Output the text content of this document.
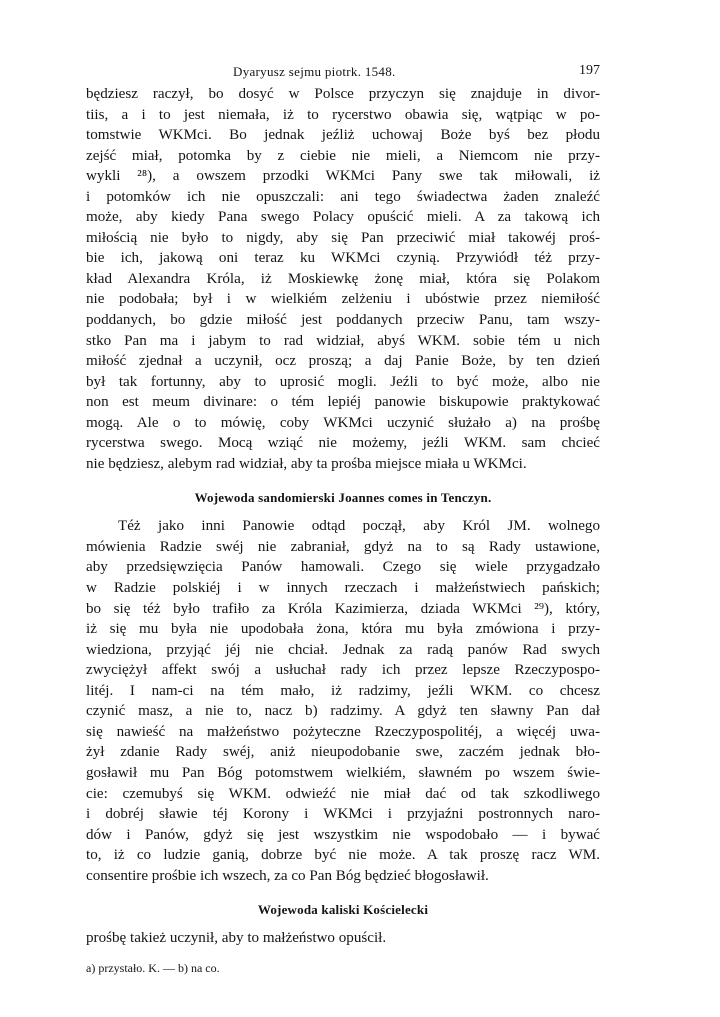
Dyaryusz sejmu piotrk. 1548.	197
będziesz raczył, bo dosyć w Polsce przyczyn się znajduje in divor-
tiis, a i to jest niemała, iż to rycerstwo obawia się, wątpiąc w po-
tomstwie WKMci. Bo jednak jeźliż uchowaj Boże byś bez płodu
zejść miał, potomka by z ciebie nie mieli, a Niemcom nie przy-
wykli ²⁸), a owszem przodki WKMci Pany swe tak miłowali, iż
i potomków ich nie opuszczali: ani tego świadectwa żaden znaleźć
może, aby kiedy Pana swego Polacy opuścić mieli. A za takową ich
miłością nie było to nigdy, aby się Pan przeciwić miał takowéj proś-
bie ich, jakową oni teraz ku WKMci czynią. Przywiódł téż przy-
kład Alexandra Króla, iż Moskiewkę żonę miał, która się Polakom
nie podobała; był i w wielkiém zelżeniu i ubóstwie przez niemiłość
poddanych, bo gdzie miłość jest poddanych przeciw Panu, tam wszy-
stko Pan ma i jabym to rad widział, abyś WKM. sobie tém u nich
miłość zjednał a uczynił, ocz proszą; a daj Panie Boże, by ten dzień
był tak fortunny, aby to uprosić mogli. Jeźli to być może, albo nie
non est meum divinare: o tém lepiéj panowie biskupowie praktykować
mogą. Ale o to mówię, coby WKMci uczynić służało a) na prośbę
rycerstwa swego. Mocą wziąć nie możemy, jeźli WKM. sam chcieć
nie będziesz, alebym rad widział, aby ta prośba miejsce miała u WKMci.

Wojewoda sandomierski Joannes comes in Tenczyn.

Téż jako inni Panowie odtąd począł, aby Król JM. wolnego
mówienia Radzie swéj nie zabraniał, gdyż na to są Rady ustawione,
aby przedsięwzięcia Panów hamowali. Czego się wiele przygadzało
w Radzie polskiéj i w innych rzeczach i małżeństwiech pańskich;
bo się téż było trafiło za Króla Kazimierza, dziada WKMci ²⁹), który,
iż się mu była nie upodobała żona, która mu była zmówiona i przy-
wiedziona, przyjąć jéj nie chciał. Jednak za radą panów Rad swych
zwyciężył affekt swój a usłuchał rady ich przez lepsze Rzeczypospo-
litéj. I nam-ci na tém mało, iż radzimy, jeźli WKM. co chcesz
czynić masz, a nie to, nacz b) radzimy. A gdyż ten sławny Pan dał
się nawieść na małżeństwo pożyteczne Rzeczypospolitéj, a więcéj uwa-
żył zdanie Rady swéj, aniż nieupodobanie swe, zaczém jednak bło-
gosławił mu Pan Bóg potomstwem wielkiém, sławném po wszem świe-
cie: czemubyś się WKM. odwieźć nie miał dać od tak szkodliwego
i dobréj sławie téj Korony i WKMci i przyjaźni postronnych naro-
dów i Panów, gdyż się jest wszystkim nie wspodobało — i bywać
to, iż co ludzie ganią, dobrze być nie może. A tak proszę racz WM.
consentire prośbie ich wszech, za co Pan Bóg będzieć błogosławił.

Wojewoda kaliski Kościelecki

prośbę takież uczynił, aby to małżeństwo opuścił.

a) przystało. K. — b) na co.
